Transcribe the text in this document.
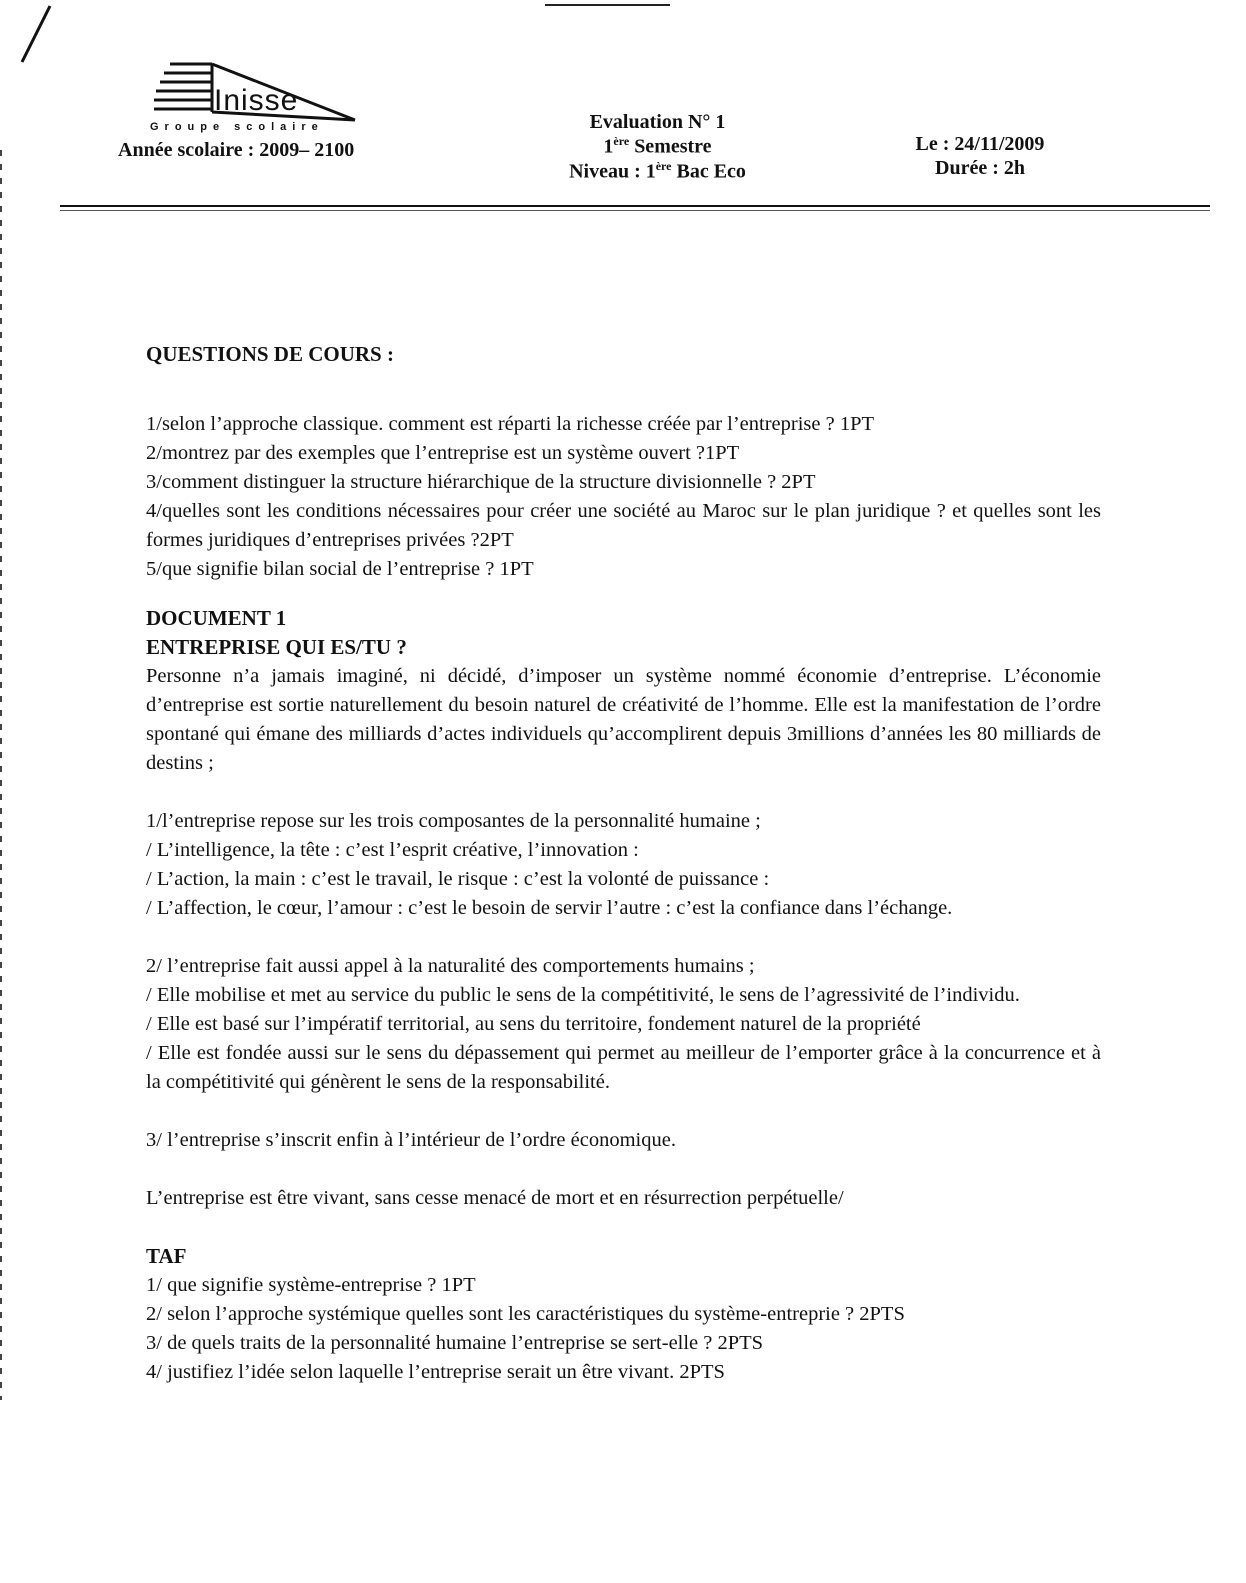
Inisse
Groupe scolaire
Année scolaire : 2009– 2100
Evaluation N° 1
1ère Semestre
Niveau : 1ère Bac Eco
Le : 24/11/2009
Durée : 2h

QUESTIONS DE COURS :

1/selon l’approche classique. comment est réparti la richesse créée par l’entreprise ? 1PT

2/montrez par des exemples que l’entreprise est un système ouvert ?1PT

3/comment distinguer la structure hiérarchique de la structure divisionnelle ? 2PT

4/quelles sont les conditions nécessaires pour créer une société au Maroc sur le plan juridique ? et quelles sont les formes juridiques d’entreprises privées ?2PT

5/que signifie bilan social de l’entreprise ? 1PT

DOCUMENT 1

ENTREPRISE QUI ES/TU ?

Personne n’a jamais imaginé, ni décidé, d’imposer un système nommé économie d’entreprise. L’économie d’entreprise est sortie naturellement du besoin naturel de créativité de l’homme. Elle est la manifestation de l’ordre spontané qui émane des milliards d’actes individuels qu’accomplirent depuis 3millions d’années les 80 milliards de destins ;

1/l’entreprise repose sur les trois composantes de la personnalité humaine ;

/ L’intelligence, la tête : c’est l’esprit créative, l’innovation :

/ L’action, la main : c’est le travail, le risque : c’est la volonté de puissance :

/ L’affection, le cœur, l’amour : c’est le besoin de servir l’autre : c’est la confiance dans l’échange.

2/ l’entreprise fait aussi appel à la naturalité des comportements humains ;

/ Elle mobilise et met au service du public le sens de la compétitivité, le sens de l’agressivité de l’individu.

/ Elle est basé sur l’impératif territorial, au sens du territoire, fondement naturel de la propriété

/ Elle est fondée aussi sur le sens du dépassement qui permet au meilleur de l’emporter grâce à la concurrence et à la compétitivité qui génèrent le sens de la responsabilité.

3/ l’entreprise s’inscrit enfin à l’intérieur de l’ordre économique.

L’entreprise est être vivant, sans cesse menacé de mort et en résurrection perpétuelle/

TAF

1/ que signifie système-entreprise ? 1PT

2/ selon l’approche systémique quelles sont les caractéristiques du système-entreprie ? 2PTS

3/ de quels traits de la personnalité humaine l’entreprise se sert-elle ? 2PTS

4/ justifiez l’idée selon laquelle l’entreprise serait un être vivant. 2PTS
